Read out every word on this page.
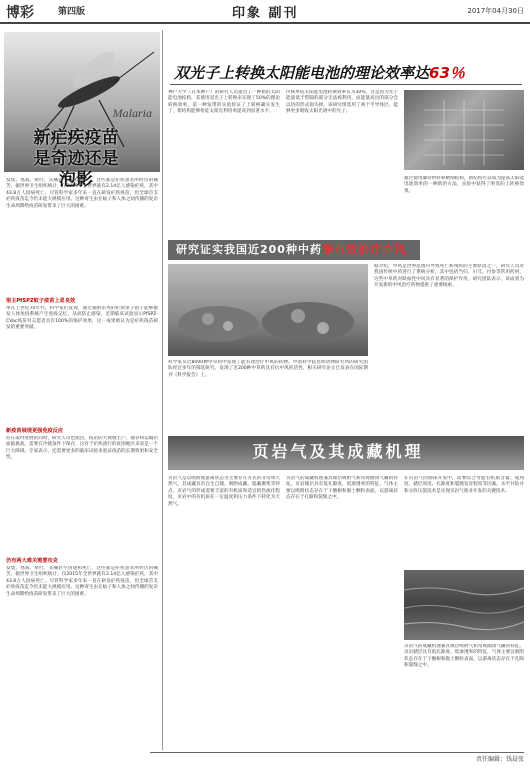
博彩	第四版	印象 副刊	2017年04月30日
Malaria
新疟疾疫苗
是奇迹还是泡影
发烧、寒战、呕吐，头痛甚至昏迷和死亡，这些都是疟疾患者所经历的痛苦。据世界卫生组织统计，仅2015年全世界就有2.14亿人感染疟疾，其中43.8万人因病死亡。尽管科学家多年来一直在研发疟疾疫苗，但全球首支疟疾疫苗迄今仍未能大规模应用。这种寄生虫在蚊子和人体之间传播的复杂生命周期给疫苗研发带来了巨大的困难。
宿主PfSPZ蚊子疫苗上显良效
单在上世纪70年代，科学家们发现，通过辐射杀死的疟原虫子孢子能够激发人体免疫系统产生免疫记忆，从而防止感染。近期临床试验显示PfSPZ-CVac疫苗对志愿者具有100%的保护效果，这一成果被认为是疟疾疫苗研发的重要突破。
新疫苗展现更强免疫反应
但在取得进展的同时，研究人员也指出，疫苗的大规模生产、储存和运输仍面临挑战，需要在冷链条件下保存，这对于疟疾流行的贫困地区来说是一个巨大障碍。专家表示，还需要更多的临床试验来验证疫苗的长期效果和安全性。
仍有两大难关需要攻克
发烧、寒战、呕吐，头痛甚至昏迷和死亡，这些都是疟疾患者所经历的痛苦。据世界卫生组织统计，仅2015年全世界就有2.14亿人感染疟疾，其中43.8万人因病死亡。尽管科学家多年来一直在研发疟疾疫苗，但全球首支疟疾疫苗迄今仍未能大规模应用。这种寄生虫在蚊子和人体之间传播的复杂生命周期给疫苗研发带来了巨大的困难。
双光子上转换太阳能电池的理论效率达63％
神户大学（日本神户）的研究人员提出了一种新的太阳能电池结构，其使用双光子上转换来实现了50%的理论转换效率。第一种发带的实验验证了上转换确实发生了，新结构能够将硅太阳光利用率提高到显著水平。
传统单结太阳能电池转换效率仅为30%，这是因为光子能量低于带隙的部分无法被利用，而能量高出的部分会以热的形式损失掉。该研究组选用了两个半导体层，能够更多吸收太阳光谱中的光子。
通过使用廉价材料和精细结构，新结构可以成为提高太阳能电池效率的一种新的方法，实验中获得了明显的上转换效果。
研究证实我国近200种中药能有效治疗中风
科学家从近8000种中草药中发现了能有效治疗中风的药物。中国科学院昆明动物研究所的研究团队经过多年的筛选研究，发现了近200种中草药具有抗中风的活性，相关研究论文已发表在国际期刊《科学报告》上。
据介绍，中风是世界范围内导致死亡和残疾的主要原因之一。研究人员对我国传统中药进行了系统分析，其中包括当归、川芎、丹参等常用药材，这些中草药对缺血性中风具有显著的保护作用。研究团队表示，该成果为开发新的中风治疗药物提供了重要线索。
页岩气及其成藏机理
页岩气是以吸附或游离状态为主要存在方式的非常规天然气，其成藏具有自生自储、吸附成藏、隐蔽聚集等特点。页岩气的形成需要丰富的有机质和适宜的热演化程度，页岩中的有机质在一定温度和压力条件下转化为天然气。
页岩气的成藏机理兼具煤层吸附气和常规圈闭气藏的特征。页岩储层具有低孔隙度、低渗透率的特征，气体主要以吸附状态存在于干酪根和黏土颗粒表面，以游离状态存在于孔隙和裂缝之中。
在页岩气的勘探开发中，需要综合考虑有机质含量、成熟度、储层厚度、孔隙度和裂缝发育程度等因素。水平井钻井和分段压裂技术是实现页岩气商业开发的关键技术。
页岩气的成藏机理兼具煤层吸附气和常规圈闭气藏的特征。页岩储层具有低孔隙度、低渗透率的特征，气体主要以吸附状态存在于干酪根和黏土颗粒表面，以游离状态存在于孔隙和裂缝之中。
责任编辑：钱晨张
